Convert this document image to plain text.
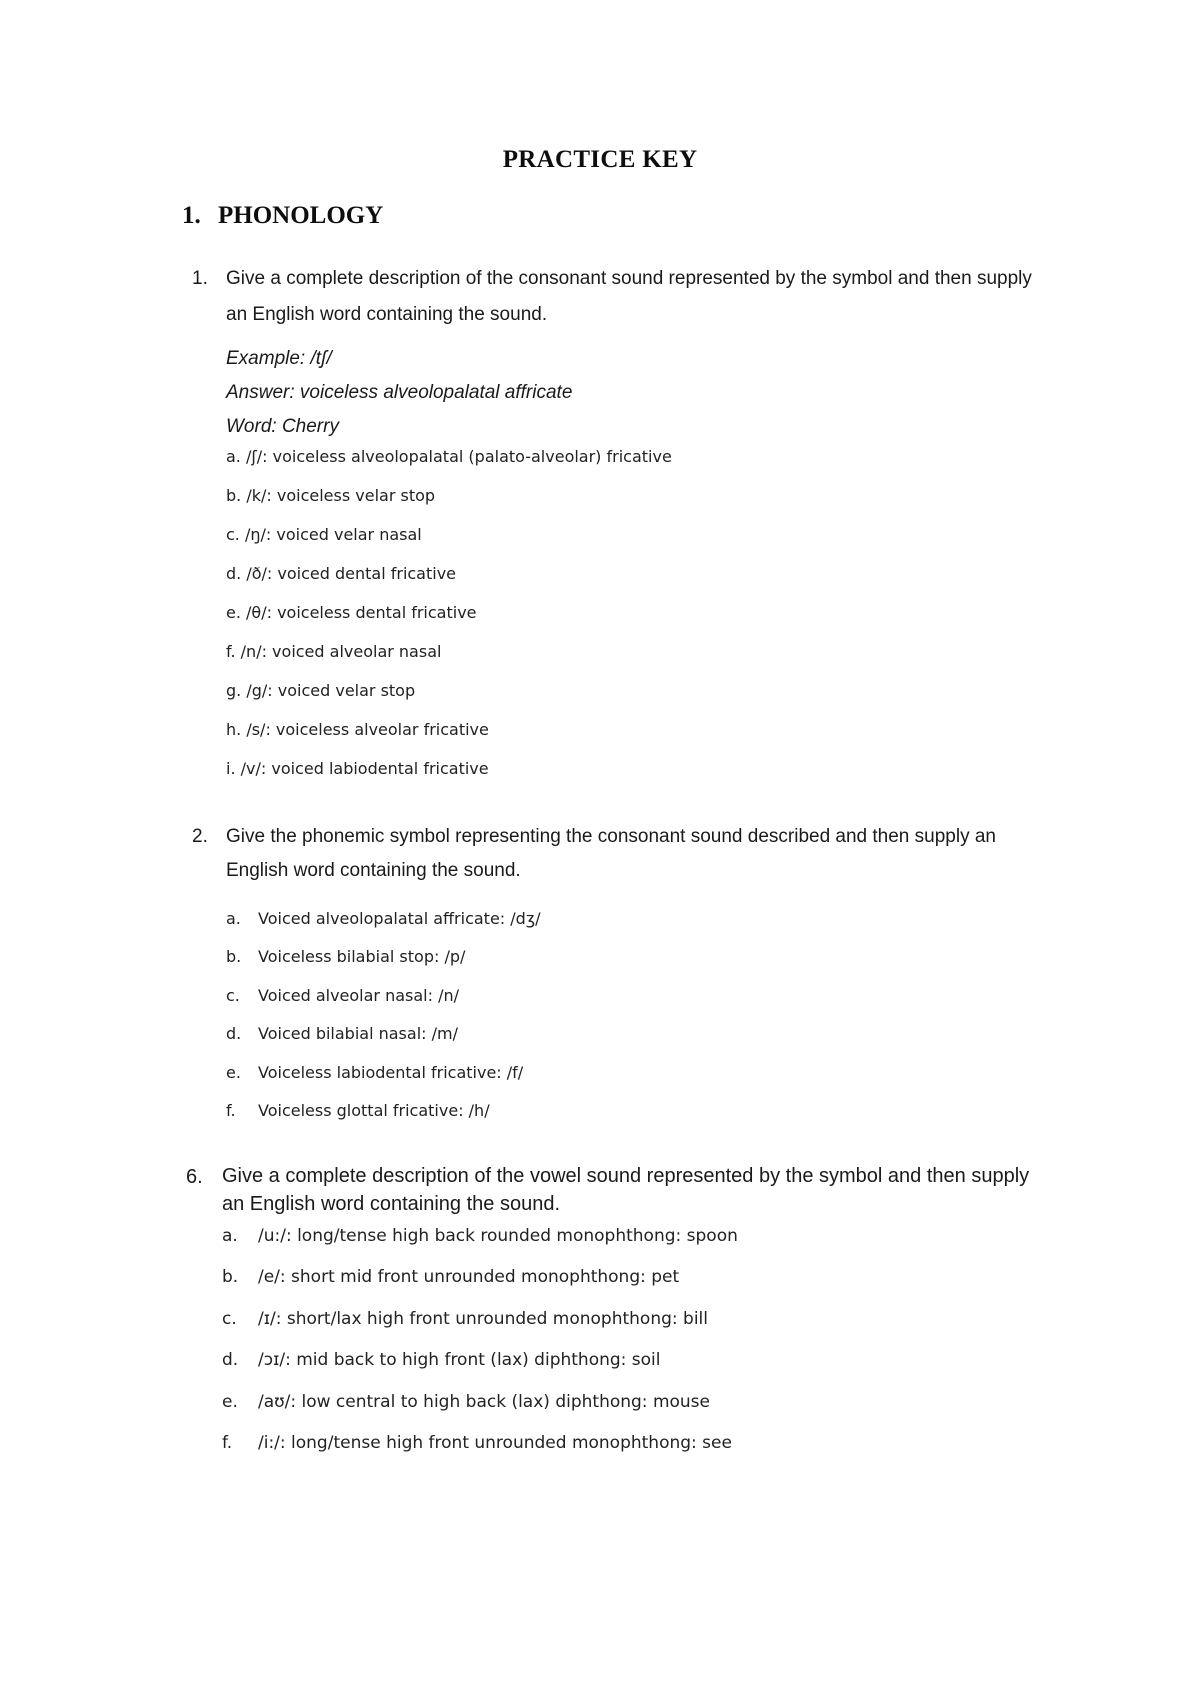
PRACTICE KEY
1. PHONOLOGY
1. Give a complete description of the consonant sound represented by the symbol and then supply an English word containing the sound.
Example: /tʃ/
Answer: voiceless alveolopalatal affricate
Word: Cherry
a. /ʃ/: voiceless alveolopalatal (palato-alveolar) fricative
b. /k/: voiceless velar stop
c. /ŋ/: voiced velar nasal
d. /ð/: voiced dental fricative
e. /θ/: voiceless dental fricative
f. /n/: voiced alveolar nasal
g. /g/: voiced velar stop
h. /s/: voiceless alveolar fricative
i. /v/: voiced labiodental fricative
2. Give the phonemic symbol representing the consonant sound described and then supply an English word containing the sound.
a. Voiced alveolopalatal affricate: /dʒ/
b. Voiceless bilabial stop: /p/
c. Voiced alveolar nasal: /n/
d. Voiced bilabial nasal: /m/
e. Voiceless labiodental fricative: /f/
f. Voiceless glottal fricative: /h/
6. Give a complete description of the vowel sound represented by the symbol and then supply an English word containing the sound.
a. /u:/: long/tense high back rounded monophthong: spoon
b. /e/: short mid front unrounded monophthong: pet
c. /ɪ/: short/lax high front unrounded monophthong: bill
d. /ɔɪ/: mid back to high front (lax) diphthong: soil
e. /aʊ/: low central to high back (lax) diphthong: mouse
f. /i:/: long/tense high front unrounded monophthong: see
